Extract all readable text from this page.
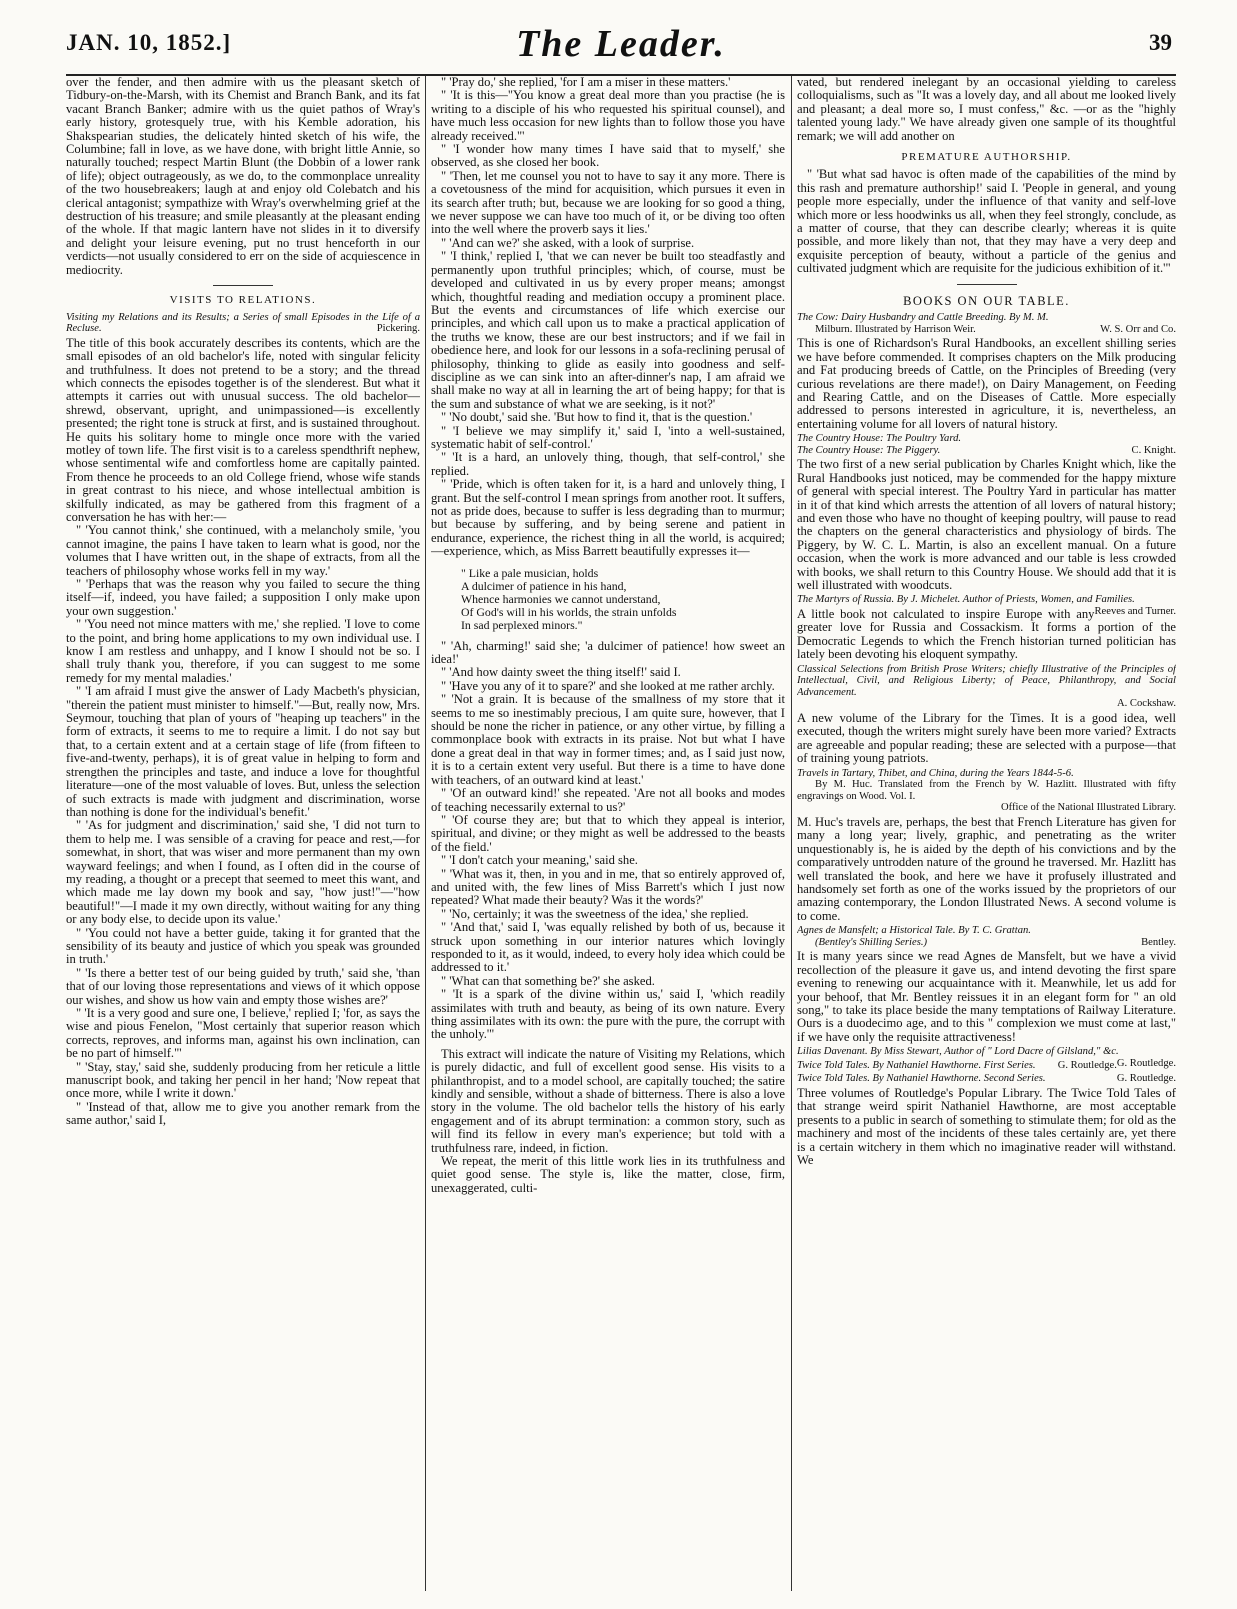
JAN. 10, 1852.]	The Leader.	39

over the fender, and then admire with us the pleasant sketch of Tidbury-on-the-Marsh, with its Chemist and Branch Bank, and its fat vacant Branch Banker; admire with us the quiet pathos of Wray's early history, grotesquely true, with his Kemble adoration, his Shakspearian studies, the delicately hinted sketch of his wife, the Columbine; fall in love, as we have done, with bright little Annie, so naturally touched; respect Martin Blunt (the Dobbin of a lower rank of life); object outrageously, as we do, to the commonplace unreality of the two housebreakers; laugh at and enjoy old Colebatch and his clerical antagonist; sympathize with Wray's overwhelming grief at the destruction of his treasure; and smile pleasantly at the pleasant ending of the whole. If that magic lantern have not slides in it to diversify and delight your leisure evening, put no trust henceforth in our verdicts—not usually considered to err on the side of acquiescence in mediocrity.

VISITS TO RELATIONS.
Visiting my Relations and its Results; a Series of small Episodes in the Life of a Recluse.	Pickering.

The title of this book accurately describes its contents, which are the small episodes of an old bachelor's life, noted with singular felicity and truthfulness. It does not pretend to be a story; and the thread which connects the episodes together is of the slenderest. But what it attempts it carries out with unusual success. The old bachelor—shrewd, observant, upright, and unimpassioned—is excellently presented; the right tone is struck at first, and is sustained throughout. He quits his solitary home to mingle once more with the varied motley of town life. The first visit is to a careless spendthrift nephew, whose sentimental wife and comfortless home are capitally painted. From thence he proceeds to an old College friend, whose wife stands in great contrast to his niece, and whose intellectual ambition is skilfully indicated, as may be gathered from this fragment of a conversation he has with her:—

" 'You cannot think,' she continued, with a melancholy smile, 'you cannot imagine, the pains I have taken to learn what is good, nor the volumes that I have written out, in the shape of extracts, from all the teachers of philosophy whose works fell in my way.'

" 'Perhaps that was the reason why you failed to secure the thing itself—if, indeed, you have failed; a supposition I only make upon your own suggestion.'

" 'You need not mince matters with me,' she replied. 'I love to come to the point, and bring home applications to my own individual use. I know I am restless and unhappy, and I know I should not be so. I shall truly thank you, therefore, if you can suggest to me some remedy for my mental maladies.'

" 'I am afraid I must give the answer of Lady Macbeth's physician, "therein the patient must minister to himself."—But, really now, Mrs. Seymour, touching that plan of yours of "heaping up teachers" in the form of extracts, it seems to me to require a limit. I do not say but that, to a certain extent and at a certain stage of life (from fifteen to five-and-twenty, perhaps), it is of great value in helping to form and strengthen the principles and taste, and induce a love for thoughtful literature—one of the most valuable of loves. But, unless the selection of such extracts is made with judgment and discrimination, worse than nothing is done for the individual's benefit.'

" 'As for judgment and discrimination,' said she, 'I did not turn to them to help me. I was sensible of a craving for peace and rest,—for somewhat, in short, that was wiser and more permanent than my own wayward feelings; and when I found, as I often did in the course of my reading, a thought or a precept that seemed to meet this want, and which made me lay down my book and say, "how just!"—"how beautiful!"—I made it my own directly, without waiting for any thing or any body else, to decide upon its value.'

" 'You could not have a better guide, taking it for granted that the sensibility of its beauty and justice of which you speak was grounded in truth.'

" 'Is there a better test of our being guided by truth,' said she, 'than that of our loving those representations and views of it which oppose our wishes, and show us how vain and empty those wishes are?'

" 'It is a very good and sure one, I believe,' replied I; 'for, as says the wise and pious Fenelon, "Most certainly that superior reason which corrects, reproves, and informs man, against his own inclination, can be no part of himself."'

" 'Stay, stay,' said she, suddenly producing from her reticule a little manuscript book, and taking her pencil in her hand; 'Now repeat that once more, while I write it down.'

" 'Instead of that, allow me to give you another remark from the same author,' said I,

" 'Pray do,' she replied, 'for I am a miser in these matters.'

" 'It is this—"You know a great deal more than you practise (he is writing to a disciple of his who requested his spiritual counsel), and have much less occasion for new lights than to follow those you have already received."'

" 'I wonder how many times I have said that to myself,' she observed, as she closed her book.

" 'Then, let me counsel you not to have to say it any more. There is a covetousness of the mind for acquisition, which pursues it even in its search after truth; but, because we are looking for so good a thing, we never suppose we can have too much of it, or be diving too often into the well where the proverb says it lies.'

" 'And can we?' she asked, with a look of surprise.

" 'I think,' replied I, 'that we can never be built too steadfastly and permanently upon truthful principles; which, of course, must be developed and cultivated in us by every proper means; amongst which, thoughtful reading and mediation occupy a prominent place. But the events and circumstances of life which exercise our principles, and which call upon us to make a practical application of the truths we know, these are our best instructors; and if we fail in obedience here, and look for our lessons in a sofa-reclining perusal of philosophy, thinking to glide as easily into goodness and self-discipline as we can sink into an after-dinner's nap, I am afraid we shall make no way at all in learning the art of being happy; for that is the sum and substance of what we are seeking, is it not?'

" 'No doubt,' said she. 'But how to find it, that is the question.'

" 'I believe we may simplify it,' said I, 'into a well-sustained, systematic habit of self-control.'

" 'It is a hard, an unlovely thing, though, that self-control,' she replied.

" 'Pride, which is often taken for it, is a hard and unlovely thing, I grant. But the self-control I mean springs from another root. It suffers, not as pride does, because to suffer is less degrading than to murmur; but because by suffering, and by being serene and patient in endurance, experience, the richest thing in all the world, is acquired;—experience, which, as Miss Barrett beautifully expresses it—

" Like a pale musician, holds
A dulcimer of patience in his hand,
Whence harmonies we cannot understand,
Of God's will in his worlds, the strain unfolds
In sad perplexed minors."

" 'Ah, charming!' said she; 'a dulcimer of patience! how sweet an idea!'

" 'And how dainty sweet the thing itself!' said I.

" 'Have you any of it to spare?' and she looked at me rather archly.

" 'Not a grain. It is because of the smallness of my store that it seems to me so inestimably precious, I am quite sure, however, that I should be none the richer in patience, or any other virtue, by filling a commonplace book with extracts in its praise. Not but what I have done a great deal in that way in former times; and, as I said just now, it is to a certain extent very useful. But there is a time to have done with teachers, of an outward kind at least.'

" 'Of an outward kind!' she repeated. 'Are not all books and modes of teaching necessarily external to us?'

" 'Of course they are; but that to which they appeal is interior, spiritual, and divine; or they might as well be addressed to the beasts of the field.'

" 'I don't catch your meaning,' said she.

" 'What was it, then, in you and in me, that so entirely approved of, and united with, the few lines of Miss Barrett's which I just now repeated? What made their beauty? Was it the words?'

" 'No, certainly; it was the sweetness of the idea,' she replied.

" 'And that,' said I, 'was equally relished by both of us, because it struck upon something in our interior natures which lovingly responded to it, as it would, indeed, to every holy idea which could be addressed to it.'

" 'What can that something be?' she asked.

" 'It is a spark of the divine within us,' said I, 'which readily assimilates with truth and beauty, as being of its own nature. Every thing assimilates with its own: the pure with the pure, the corrupt with the unholy.'"

This extract will indicate the nature of Visiting my Relations, which is purely didactic, and full of excellent good sense. His visits to a philanthropist, and to a model school, are capitally touched; the satire kindly and sensible, without a shade of bitterness. There is also a love story in the volume. The old bachelor tells the history of his early engagement and of its abrupt termination: a common story, such as will find its fellow in every man's experience; but told with a truthfulness rare, indeed, in fiction.

We repeat, the merit of this little work lies in its truthfulness and quiet good sense. The style is, like the matter, close, firm, unexaggerated, culti-

vated, but rendered inelegant by an occasional yielding to careless colloquialisms, such as "It was a lovely day, and all about me looked lively and pleasant; a deal more so, I must confess," &c. —or as the "highly talented young lady." We have already given one sample of its thoughtful remark; we will add another on

PREMATURE AUTHORSHIP.

" 'But what sad havoc is often made of the capabilities of the mind by this rash and premature authorship!' said I. 'People in general, and young people more especially, under the influence of that vanity and self-love which more or less hoodwinks us all, when they feel strongly, conclude, as a matter of course, that they can describe clearly; whereas it is quite possible, and more likely than not, that they may have a very deep and exquisite perception of beauty, without a particle of the genius and cultivated judgment which are requisite for the judicious exhibition of it.'"

BOOKS ON OUR TABLE.
The Cow: Dairy Husbandry and Cattle Breeding. By M. M.
Milburn. Illustrated by Harrison Weir.	W. S. Orr and Co.

This is one of Richardson's Rural Handbooks, an excellent shilling series we have before commended. It comprises chapters on the Milk producing and Fat producing breeds of Cattle, on the Principles of Breeding (very curious revelations are there made!), on Dairy Management, on Feeding and Rearing Cattle, and on the Diseases of Cattle. More especially addressed to persons interested in agriculture, it is, nevertheless, an entertaining volume for all lovers of natural history.

The Country House: The Poultry Yard.
The Country House: The Piggery.	C. Knight.

The two first of a new serial publication by Charles Knight which, like the Rural Handbooks just noticed, may be commended for the happy mixture of general with special interest. The Poultry Yard in particular has matter in it of that kind which arrests the attention of all lovers of natural history; and even those who have no thought of keeping poultry, will pause to read the chapters on the general characteristics and physiology of birds. The Piggery, by W. C. L. Martin, is also an excellent manual. On a future occasion, when the work is more advanced and our table is less crowded with books, we shall return to this Country House. We should add that it is well illustrated with woodcuts.

The Martyrs of Russia. By J. Michelet. Author of Priests, Women, and Families.
Reeves and Turner.

A little book not calculated to inspire Europe with any greater love for Russia and Cossackism. It forms a portion of the Democratic Legends to which the French historian turned politician has lately been devoting his eloquent sympathy.

Classical Selections from British Prose Writers; chiefly Illustrative of the Principles of Intellectual, Civil, and Religious Liberty; of Peace, Philanthropy, and Social Advancement.

A. Cockshaw.

A new volume of the Library for the Times. It is a good idea, well executed, though the writers might surely have been more varied? Extracts are agreeable and popular reading; these are selected with a purpose—that of training young patriots.

Travels in Tartary, Thibet, and China, during the Years 1844-5-6.
By M. Huc. Translated from the French by W. Hazlitt. Illustrated with fifty engravings on Wood. Vol. I.

Office of the National Illustrated Library.

M. Huc's travels are, perhaps, the best that French Literature has given for many a long year; lively, graphic, and penetrating as the writer unquestionably is, he is aided by the depth of his convictions and by the comparatively untrodden nature of the ground he traversed. Mr. Hazlitt has well translated the book, and here we have it profusely illustrated and handsomely set forth as one of the works issued by the proprietors of our amazing contemporary, the London Illustrated News. A second volume is to come.

Agnes de Mansfelt; a Historical Tale. By T. C. Grattan.
(Bentley's Shilling Series.)	Bentley.

It is many years since we read Agnes de Mansfelt, but we have a vivid recollection of the pleasure it gave us, and intend devoting the first spare evening to renewing our acquaintance with it. Meanwhile, let us add for your behoof, that Mr. Bentley reissues it in an elegant form for " an old song," to take its place beside the many temptations of Railway Literature. Ours is a duodecimo age, and to this " complexion we must come at last," if we have only the requisite attractiveness!

Lilias Davenant. By Miss Stewart, Author of " Lord Dacre of Gilsland," &c.
G. Routledge.
Twice Told Tales. By Nathaniel Hawthorne. First Series. G. Routledge.
Twice Told Tales. By Nathaniel Hawthorne. Second Series.	G. Routledge.

Three volumes of Routledge's Popular Library. The Twice Told Tales of that strange weird spirit Nathaniel Hawthorne, are most acceptable presents to a public in search of something to stimulate them; for old as the machinery and most of the incidents of these tales certainly are, yet there is a certain witchery in them which no imaginative reader will withstand. We
